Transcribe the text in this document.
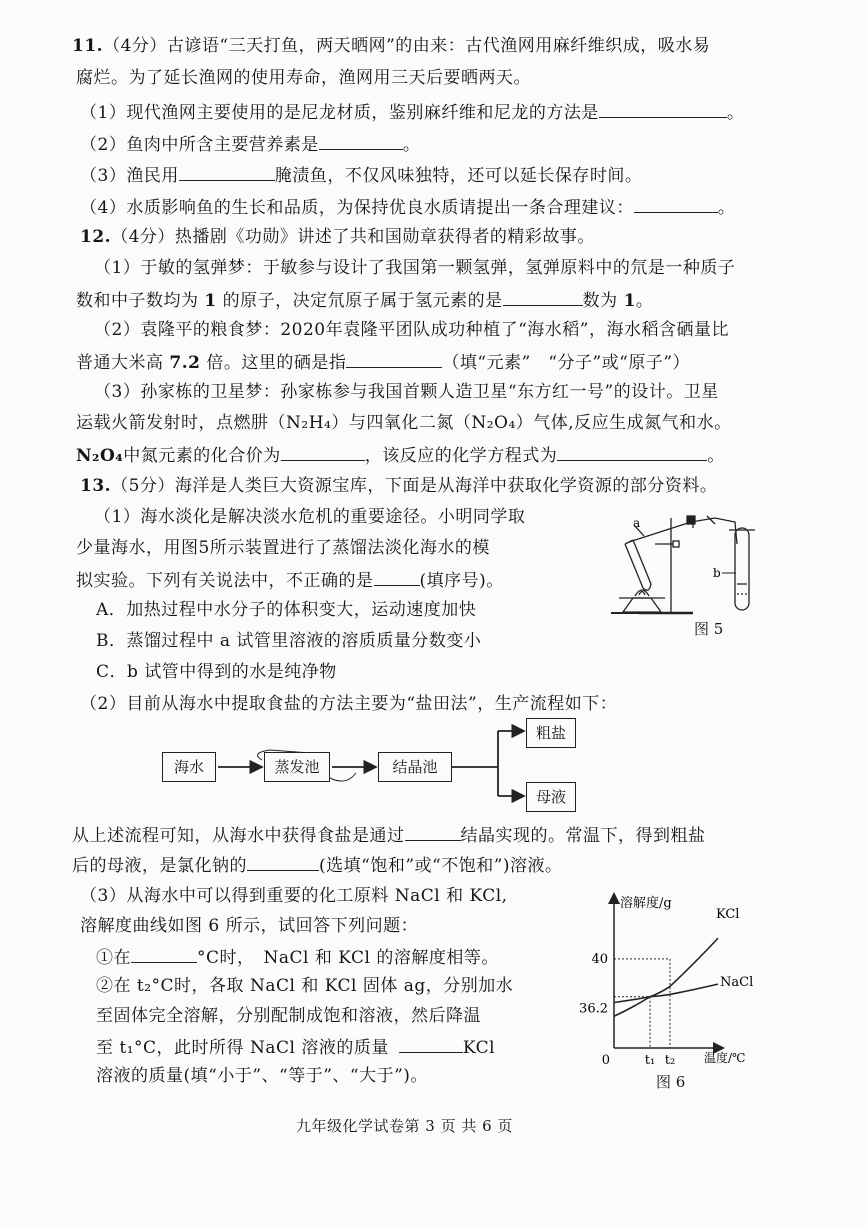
11.（4分）古谚语“三天打鱼，两天晒网”的由来：古代渔网用麻纤维织成，吸水易
腐烂。为了延长渔网的使用寿命，渔网用三天后要晒两天。
（1）现代渔网主要使用的是尼龙材质，鉴别麻纤维和尼龙的方法是	。
（2）鱼肉中所含主要营养素是	。
（3）渔民用	腌渍鱼，不仅风味独特，还可以延长保存时间。
（4）水质影响鱼的生长和品质，为保持优良水质请提出一条合理建议：	。
12.（4分）热播剧《功勋》讲述了共和国勋章获得者的精彩故事。
（1）于敏的氢弹梦：于敏参与设计了我国第一颗氢弹，氢弹原料中的氘是一种质子
数和中子数均为 1 的原子，决定氘原子属于氢元素的是	数为 1。
（2）袁隆平的粮食梦：2020年袁隆平团队成功种植了“海水稻”，海水稻含硒量比
普通大米高 7.2 倍。这里的硒是指	（填“元素”　“分子”或“原子”）
（3）孙家栋的卫星梦：孙家栋参与我国首颗人造卫星“东方红一号”的设计。卫星
运载火箭发射时，点燃肼（N₂H₄）与四氧化二氮（N₂O₄）气体,反应生成氮气和水。
N₂O₄中氮元素的化合价为	，该反应的化学方程式为	。
13.（5分）海洋是人类巨大资源宝库，下面是从海洋中获取化学资源的部分资料。
（1）海水淡化是解决淡水危机的重要途径。小明同学取
少量海水，用图5所示装置进行了蒸馏法淡化海水的模
拟实验。下列有关说法中，不正确的是	(填序号)。
A．加热过程中水分子的体积变大，运动速度加快
B．蒸馏过程中 a 试管里溶液的溶质质量分数变小
C．b 试管中得到的水是纯净物
a
b
图 5
（2）目前从海水中提取食盐的方法主要为“盐田法”，生产流程如下：
海水	蒸发池	结晶池
粗盐
母液
从上述流程可知，从海水中获得食盐是通过	结晶实现的。常温下，得到粗盐
后的母液，是氯化钠的	(选填“饱和”或“不饱和”)溶液。
（3）从海水中可以得到重要的化工原料 NaCl 和 KCl,
溶解度曲线如图 6 所示，试回答下列问题：
①在	°C时，　NaCl 和 KCl 的溶解度相等。
②在 t₂°C时，各取 NaCl 和 KCl 固体 ag，分别加水
至固体完全溶解，分别配制成饱和溶液，然后降温
至 t₁°C，此时所得 NaCl 溶液的质量	KCl
溶液的质量(填“小于”、“等于”、“大于”)。
KCl
NaCl
40
36.2
0	t₁ t₂
溶解度/g
温度/℃
图 6
九年级化学试卷第 3 页 共 6 页
